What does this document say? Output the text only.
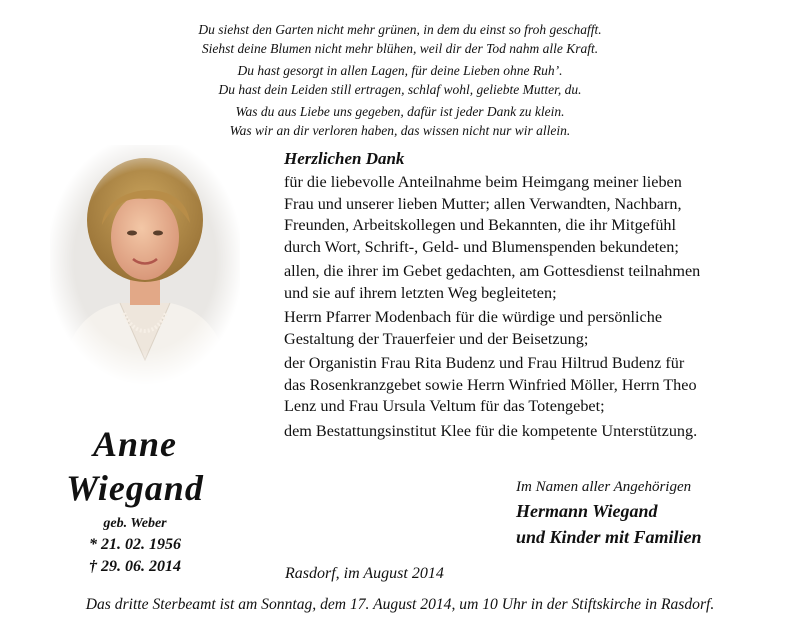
Du siehst den Garten nicht mehr grünen, in dem du einst so froh geschafft.
Siehst deine Blumen nicht mehr blühen, weil dir der Tod nahm alle Kraft.

Du hast gesorgt in allen Lagen, für deine Lieben ohne Ruh’.
Du hast dein Leiden still ertragen, schlaf wohl, geliebte Mutter, du.

Was du aus Liebe uns gegeben, dafür ist jeder Dank zu klein.
Was wir an dir verloren haben, das wissen nicht nur wir allein.

Anne
Wiegand
geb. Weber
* 21. 02. 1956
† 29. 06. 2014
Herzlichen Dank

für die liebevolle Anteilnahme beim Heimgang meiner lieben
Frau und unserer lieben Mutter; allen Verwandten, Nachbarn,
Freunden, Arbeitskollegen und Bekannten, die ihr Mitgefühl
durch Wort, Schrift-, Geld- und Blumenspenden bekundeten;

allen, die ihrer im Gebet gedachten, am Gottesdienst teilnahmen
und sie auf ihrem letzten Weg begleiteten;

Herrn Pfarrer Modenbach für die würdige und persönliche
Gestaltung der Trauerfeier und der Beisetzung;

der Organistin Frau Rita Budenz und Frau Hiltrud Budenz für
das Rosenkranzgebet sowie Herrn Winfried Möller, Herrn Theo
Lenz und Frau Ursula Veltum für das Totengebet;

dem Bestattungsinstitut Klee für die kompetente Unterstützung.

Im Namen aller Angehörigen
Hermann Wiegand
und Kinder mit Familien
Rasdorf, im August 2014
Das dritte Sterbeamt ist am Sonntag, dem 17. August 2014, um 10 Uhr in der Stiftskirche in Rasdorf.
